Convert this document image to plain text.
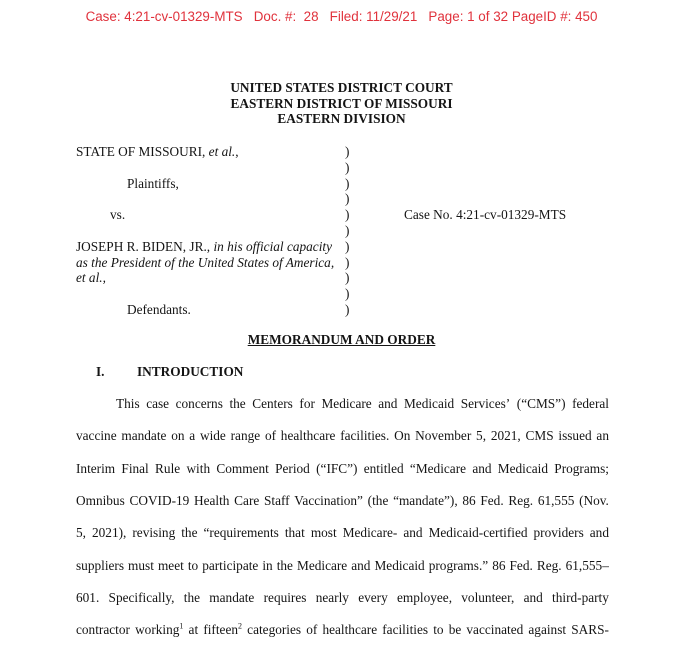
Case: 4:21-cv-01329-MTS   Doc. #:  28   Filed: 11/29/21   Page: 1 of 32 PageID #: 450
UNITED STATES DISTRICT COURT
EASTERN DISTRICT OF MISSOURI
EASTERN DIVISION
STATE OF MISSOURI, et al.,	)
)
Plaintiffs,	)
)
vs.	)	Case No. 4:21-cv-01329-MTS
)
JOSEPH R. BIDEN, JR., in his official capacity )
as the President of the United States of America, )
et al.,	)
)
Defendants.	)
MEMORANDUM AND ORDER
I. INTRODUCTION
This case concerns the Centers for Medicare and Medicaid Services’ (“CMS”) federal
vaccine mandate on a wide range of healthcare facilities. On November 5, 2021, CMS issued an
Interim Final Rule with Comment Period (“IFC”) entitled “Medicare and Medicaid Programs;
Omnibus COVID-19 Health Care Staff Vaccination” (the “mandate”), 86 Fed. Reg. 61,555 (Nov.
5, 2021), revising the “requirements that most Medicare- and Medicaid-certified providers and
suppliers must meet to participate in the Medicare and Medicaid programs.” 86 Fed. Reg. 61,555–
601. Specifically, the mandate requires nearly every employee, volunteer, and third-party
contractor working$^1$ at fifteen$^2$ categories of healthcare facilities to be vaccinated against SARS-
